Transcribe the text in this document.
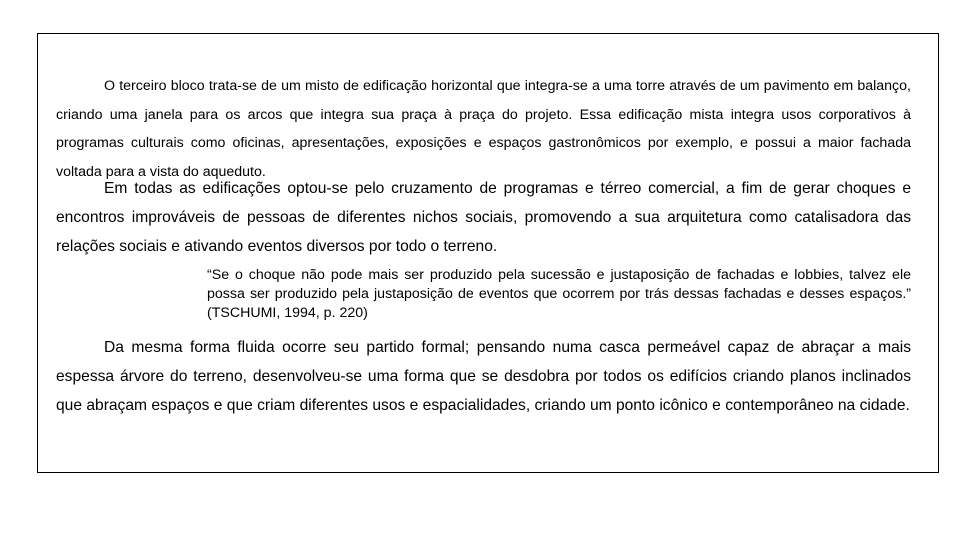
O terceiro bloco trata-se de um misto de edificação horizontal que integra-se a uma torre através de um pavimento em balanço, criando uma janela para os arcos que integra sua praça à praça do projeto. Essa edificação mista integra usos corporativos à programas culturais como oficinas, apresentações, exposições e espaços gastronômicos por exemplo, e possui a maior fachada voltada para a vista do aqueduto.

Em todas as edificações optou-se pelo cruzamento de programas e térreo comercial, a fim de gerar choques e encontros improváveis de pessoas de diferentes nichos sociais, promovendo a sua arquitetura como catalisadora das relações sociais e ativando eventos diversos por todo o terreno.

“Se o choque não pode mais ser produzido pela sucessão e justaposição de fachadas e lobbies, talvez ele possa ser produzido pela justaposição de eventos que ocorrem por trás dessas fachadas e desses espaços.” (TSCHUMI, 1994, p. 220)

Da mesma forma fluida ocorre seu partido formal; pensando numa casca permeável capaz de abraçar a mais espessa árvore do terreno, desenvolveu-se uma forma que se desdobra por todos os edifícios criando planos inclinados que abraçam espaços e que criam diferentes usos e espacialidades, criando um ponto icônico e contemporâneo na cidade.
